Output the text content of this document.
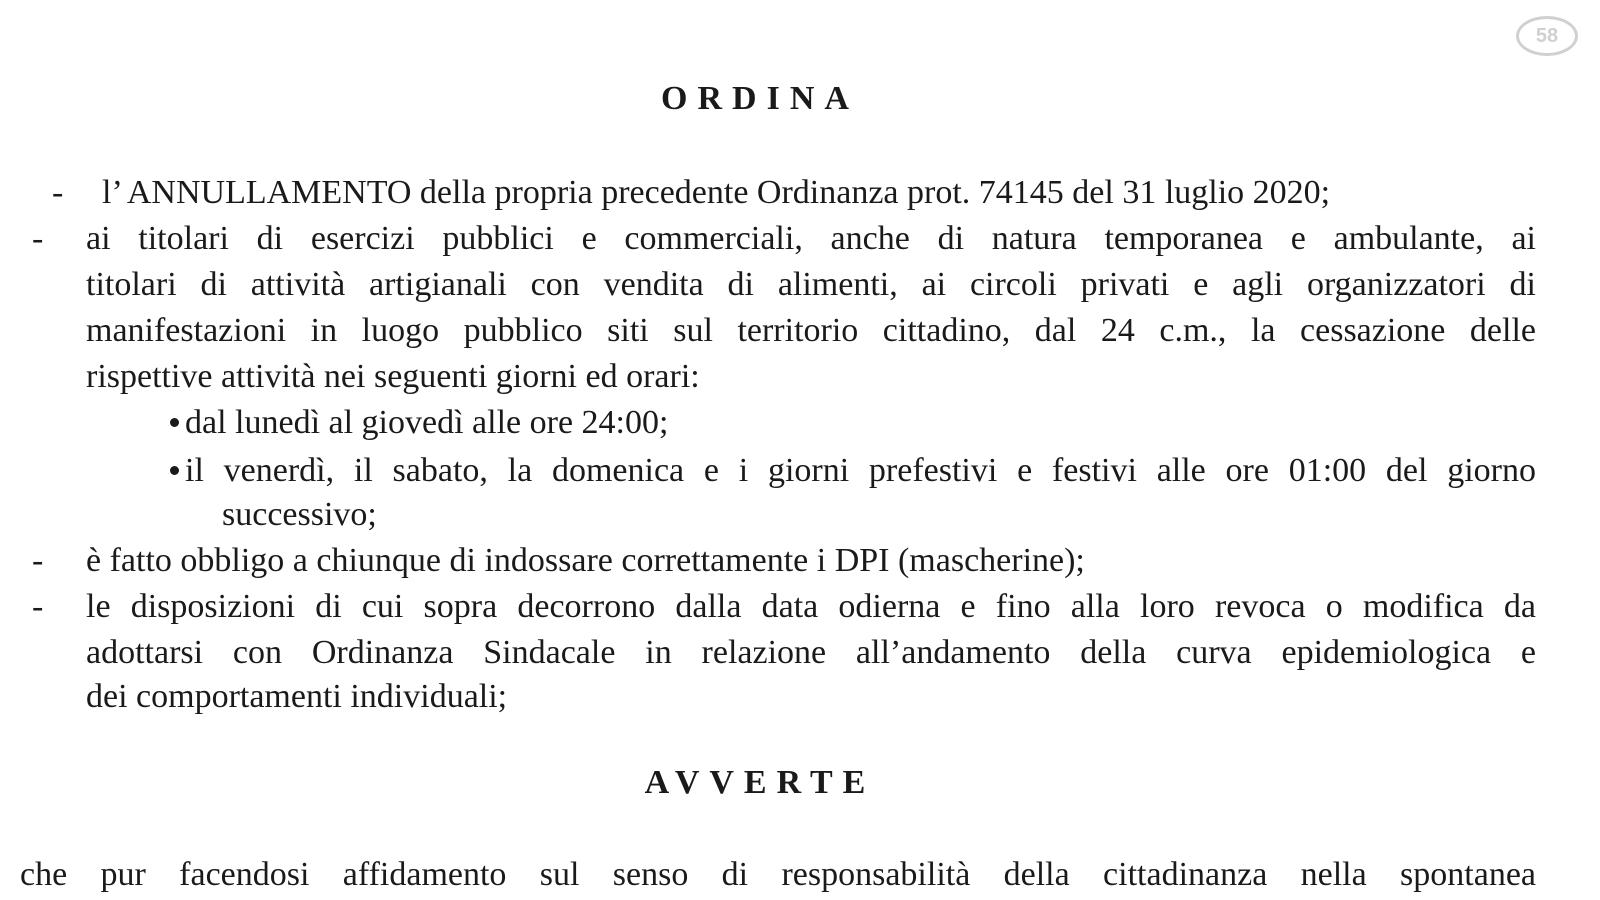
58
ORDINA
- l’ ANNULLAMENTO della propria precedente Ordinanza prot. 74145 del 31 luglio 2020;
- ai titolari di esercizi pubblici e commerciali, anche di natura temporanea e ambulante, ai
titolari di attività artigianali con vendita di alimenti, ai circoli privati e agli organizzatori di
manifestazioni in luogo pubblico siti sul territorio cittadino, dal 24 c.m., la cessazione delle
rispettive attività nei seguenti giorni ed orari:
dal lunedì al giovedì alle ore 24:00;
il venerdì, il sabato, la domenica e i giorni prefestivi e festivi alle ore 01:00 del giorno
successivo;
- è fatto obbligo a chiunque di indossare correttamente i DPI (mascherine);
- le disposizioni di cui sopra decorrono dalla data odierna e fino alla loro revoca o modifica da
adottarsi con Ordinanza Sindacale in relazione all’andamento della curva epidemiologica e
dei comportamenti individuali;
AVVERTE
che pur facendosi affidamento sul senso di responsabilità della cittadinanza nella spontanea
